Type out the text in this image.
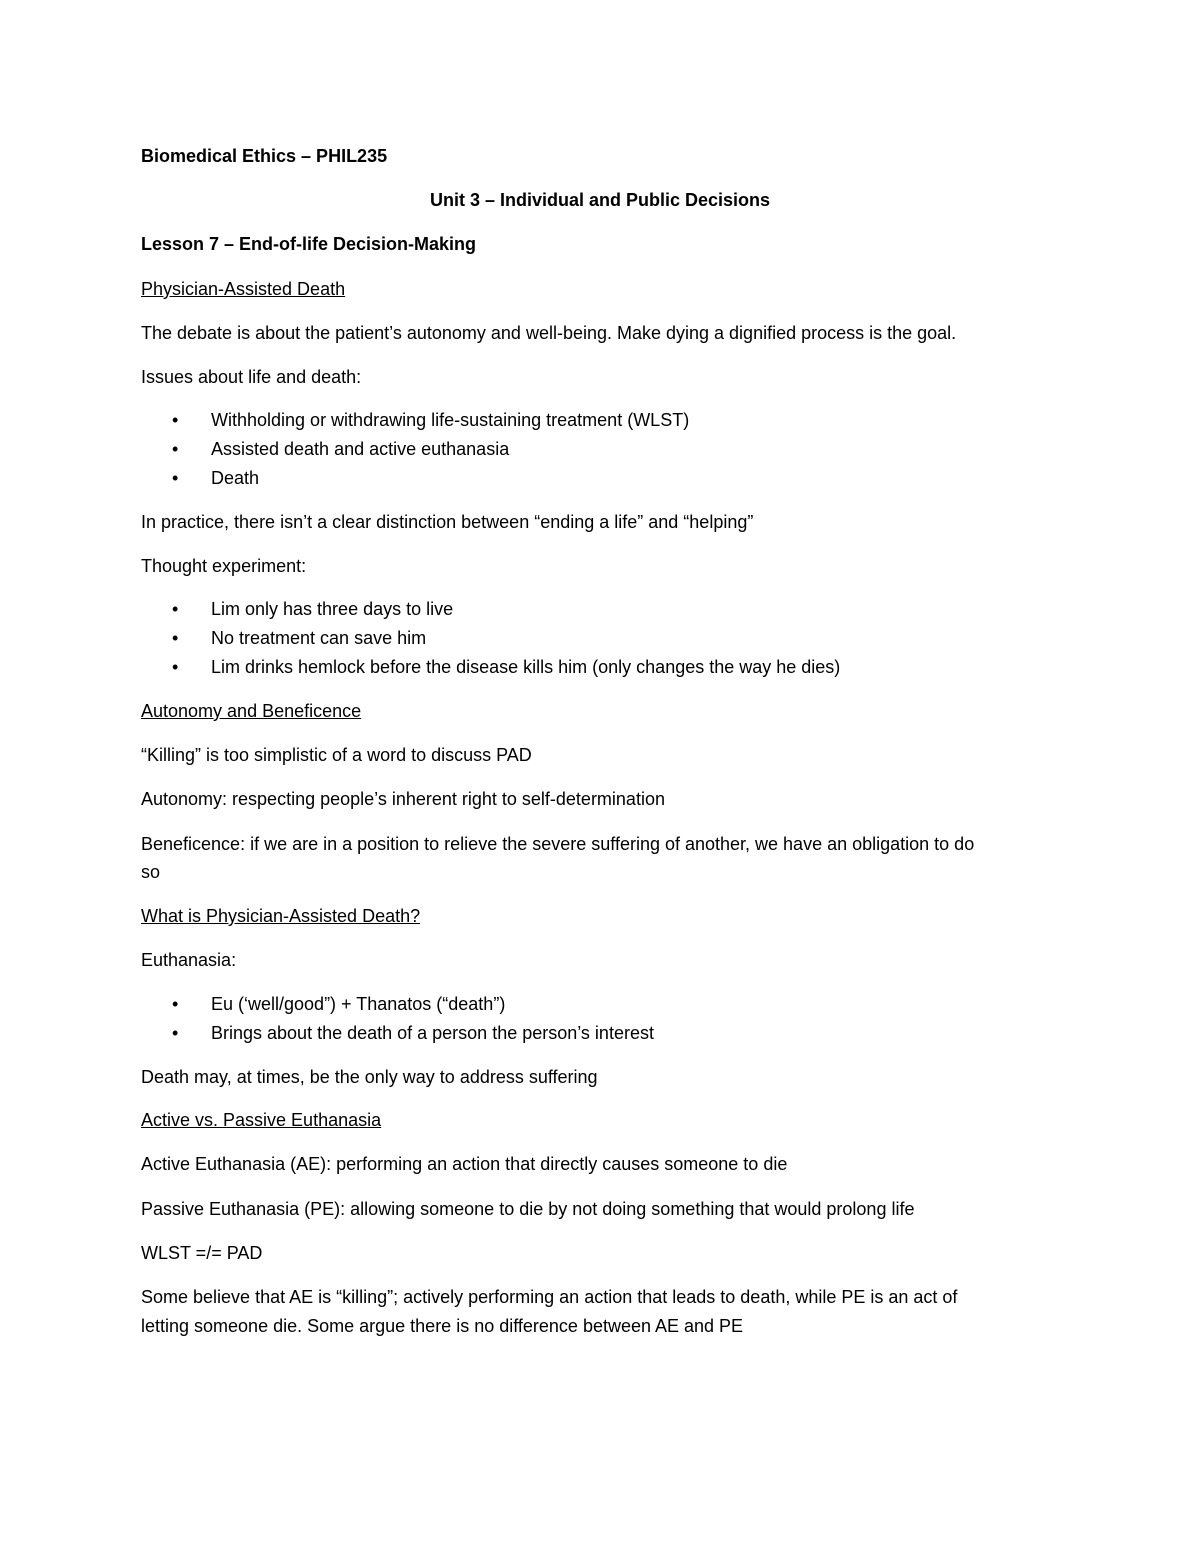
Biomedical Ethics – PHIL235
Unit 3 – Individual and Public Decisions
Lesson 7 – End-of-life Decision-Making
Physician-Assisted Death
The debate is about the patient’s autonomy and well-being. Make dying a dignified process is the goal.
Issues about life and death:
• Withholding or withdrawing life-sustaining treatment (WLST)
• Assisted death and active euthanasia
• Death
In practice, there isn’t a clear distinction between “ending a life” and “helping”
Thought experiment:
• Lim only has three days to live
• No treatment can save him
• Lim drinks hemlock before the disease kills him (only changes the way he dies)
Autonomy and Beneficence
“Killing” is too simplistic of a word to discuss PAD
Autonomy: respecting people’s inherent right to self-determination
Beneficence: if we are in a position to relieve the severe suffering of another, we have an obligation to do
so
What is Physician-Assisted Death?
Euthanasia:
• Eu (‘well/good”) + Thanatos (“death”)
• Brings about the death of a person the person’s interest
Death may, at times, be the only way to address suffering
Active vs. Passive Euthanasia
Active Euthanasia (AE): performing an action that directly causes someone to die
Passive Euthanasia (PE): allowing someone to die by not doing something that would prolong life
WLST =/= PAD
Some believe that AE is “killing”; actively performing an action that leads to death, while PE is an act of
letting someone die. Some argue there is no difference between AE and PE
